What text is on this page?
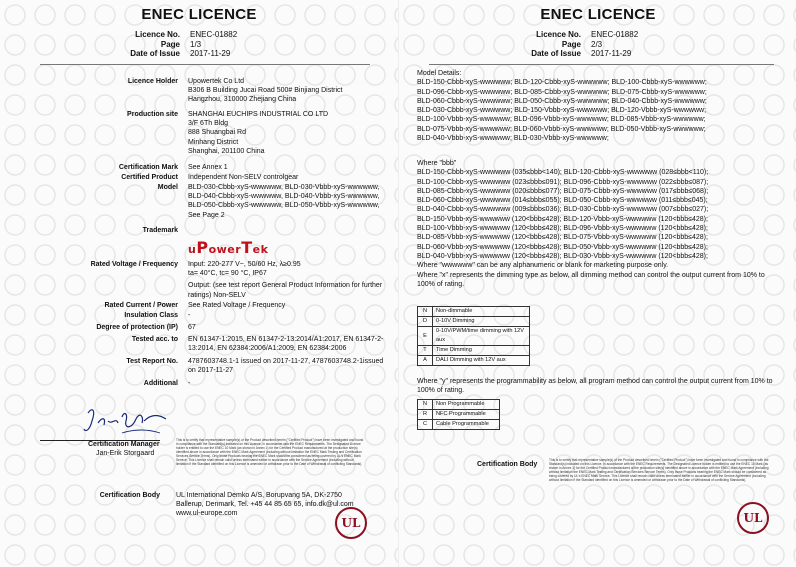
ENEC LICENCE
Licence No. ENEC-01882
Page 1/3
Date of Issue 2017-11-29
Licence Holder Upowertek Co Ltd
B306 B Building Jucai Road 500# Binjiang District
Hangzhou, 310000 Zhejiang China
Production site SHANGHAI EUCHIPS INDUSTRIAL CO LTD
3/F 6Th Bldg
888 Shuangbai Rd
Minhang District
Shanghai, 201100 China
Certification Mark See Annex 1
Certified Product Independent Non-SELV controlgear
Model BLD-030-Cbbb-xyS-wwwwww, BLD-030-Vbbb-xyS-wwwwww,
BLD-040-Cbbb-xyS-wwwwww, BLD-040-Vbbb-xyS-wwwwww,
BLD-050-Cbbb-xyS-wwwwww, BLD-050-Vbbb-xyS-wwwwww,
See Page 2
Trademark
uPowerTek
Rated Voltage / Frequency Input: 220-277 V~, 50/60 Hz, λ≥0.95
ta= 40°C, tc= 90 °C, IP67
Output: (see test report General Product Information for further
ratings) Non-SELV
Rated Current / Power See Rated Voltage / Frequency
Insulation Class -
Degree of protection (IP) 67
Tested acc. to EN 61347-1:2015, EN 61347-2-13:2014/A1:2017, EN 61347-2-
13:2014, EN 62384:2006/A1:2009, EN 62384:2006
Test Report No. 4787603748.1-1 issued on 2017-11-27, 4787603748.2-1issued
on 2017-11-27
Additional -
Certification Manager
Jan-Erik Storgaard
This is to certify that representative sample(s) of the Product described herein ("Certified Product") have been investigated and found in compliance with the Standard(s) indicated on this Licence, in accordance with the ENEC Requirements. The Designated Licence holder is entitled to use the ENEC 10 Mark (as shown in Annex 1) for the Certified Product manufactured at the production site(s) identified above in accordance with the ENEC Mark Agreement (including without limitation the ENEC Mark Testing and Certification Services Service Terms). Only those Products bearing the ENEC Mark should be considered as being covered by UL's ENEC Mark Service. This Licence shall remain valid unless terminated earlier in accordance with the Service Agreement (including without limitation if the Standard identified on this Licence is amended or withdrawn prior to the Date of Withdrawal of conflicting Standards).
Certification Body UL International Demko A/S, Borupvang 5A, DK-2750
Ballerup, Denmark, Tel. +45 44 85 65 65, info.dk@ul.com
www.ul-europe.com
UL
ENEC LICENCE
Licence No. ENEC-01882
Page 2/3
Date of Issue 2017-11-29
Model Details:
BLD-150-Cbbb-xyS-wwwwww; BLD-120-Cbbb-xyS-wwwwww; BLD-100-Cbbb-xyS-wwwwww;
BLD-096-Cbbb-xyS-wwwwww; BLD-085-Cbbb-xyS-wwwwww; BLD-075-Cbbb-xyS-wwwwww;
BLD-060-Cbbb-xyS-wwwwww; BLD-050-Cbbb-xyS-wwwwww; BLD-040-Cbbb-xyS-wwwwww;
BLD-030-Cbbb-xyS-wwwwww; BLD-150-Vbbb-xyS-wwwwww; BLD-120-Vbbb-xyS-wwwwww;
BLD-100-Vbbb-xyS-wwwwww; BLD-096-Vbbb-xyS-wwwwww; BLD-085-Vbbb-xyS-wwwwww;
BLD-075-Vbbb-xyS-wwwwww; BLD-060-Vbbb-xyS-wwwwww; BLD-050-Vbbb-xyS-wwwwww;
BLD-040-Vbbb-xyS-wwwwww; BLD-030-Vbbb-xyS-wwwwww;
Where "bbb"
BLD-150-Cbbb-xyS-wwwwww (035≤bbb<140); BLD-120-Cbbb-xyS-wwwwww (028≤bbb<110);
BLD-100-Cbbb-xyS-wwwwww (023≤bbb≤091); BLD-096-Cbbb-xyS-wwwwww (022≤bbb≤087);
BLD-085-Cbbb-xyS-wwwwww (020≤bbb≤077); BLD-075-Cbbb-xyS-wwwwww (017≤bbb≤068);
BLD-060-Cbbb-xyS-wwwwww (014≤bbb≤055); BLD-050-Cbbb-xyS-wwwwww (011≤bbb≤045);
BLD-040-Cbbb-xyS-wwwwww (009≤bbb≤036); BLD-030-Cbbb-xyS-wwwwww (007≤bbb≤027);
BLD-150-Vbbb-xyS-wwwwww (120<bbb≤428); BLD-120-Vbbb-xyS-wwwwww (120<bbb≤428);
BLD-100-Vbbb-xyS-wwwwww (120<bbb≤428); BLD-096-Vbbb-xyS-wwwwww (120<bbb≤428);
BLD-085-Vbbb-xyS-wwwwww (120<bbb≤428); BLD-075-Vbbb-xyS-wwwwww (120<bbb≤428);
BLD-060-Vbbb-xyS-wwwwww (120<bbb≤428); BLD-050-Vbbb-xyS-wwwwww (120<bbb≤428);
BLD-040-Vbbb-xyS-wwwwww (120<bbb≤428); BLD-030-Vbbb-xyS-wwwwww (120<bbb≤428);
Where "wwwwww" can be any alphanumeric or blank for marketing purpose only.
Where "x" represents the dimming type as below, all dimming method can control the output current from 10% to
100% of rating.
N	Non-dimmable
D	0-10V Dimming
E	0-10V/PWM/time dimming with 12V aux
T	Time Dimming
A	DALI Dimming with 12V aux
Where "y" represents the programmability as below, all program method can control the output current from 10% to
100% of rating.
N	Non Programmable
R	NFC Programmable
C	Cable Programmable
Certification Body
This is to certify that representative sample(s) of the Product described herein ("Certified Product") have been investigated and found in compliance with the Standard(s) indicated on this Licence, in accordance with the ENEC Requirements. The Designated Licence holder is entitled to use the ENEC 10 Mark (as shown in Annex 1) for the Certified Product manufactured at the production site(s) identified above in accordance with the ENEC Mark Agreement (including without limitation the ENEC Mark Testing and Certification Services Service Terms). Only those Products bearing the ENEC Mark should be considered as being covered by UL's ENEC Mark Service. This Licence shall remain valid unless terminated earlier in accordance with the Service Agreement (including without limitation if the Standard identified on this Licence is amended or withdrawn prior to the Date of Withdrawal of conflicting Standards).
UL
